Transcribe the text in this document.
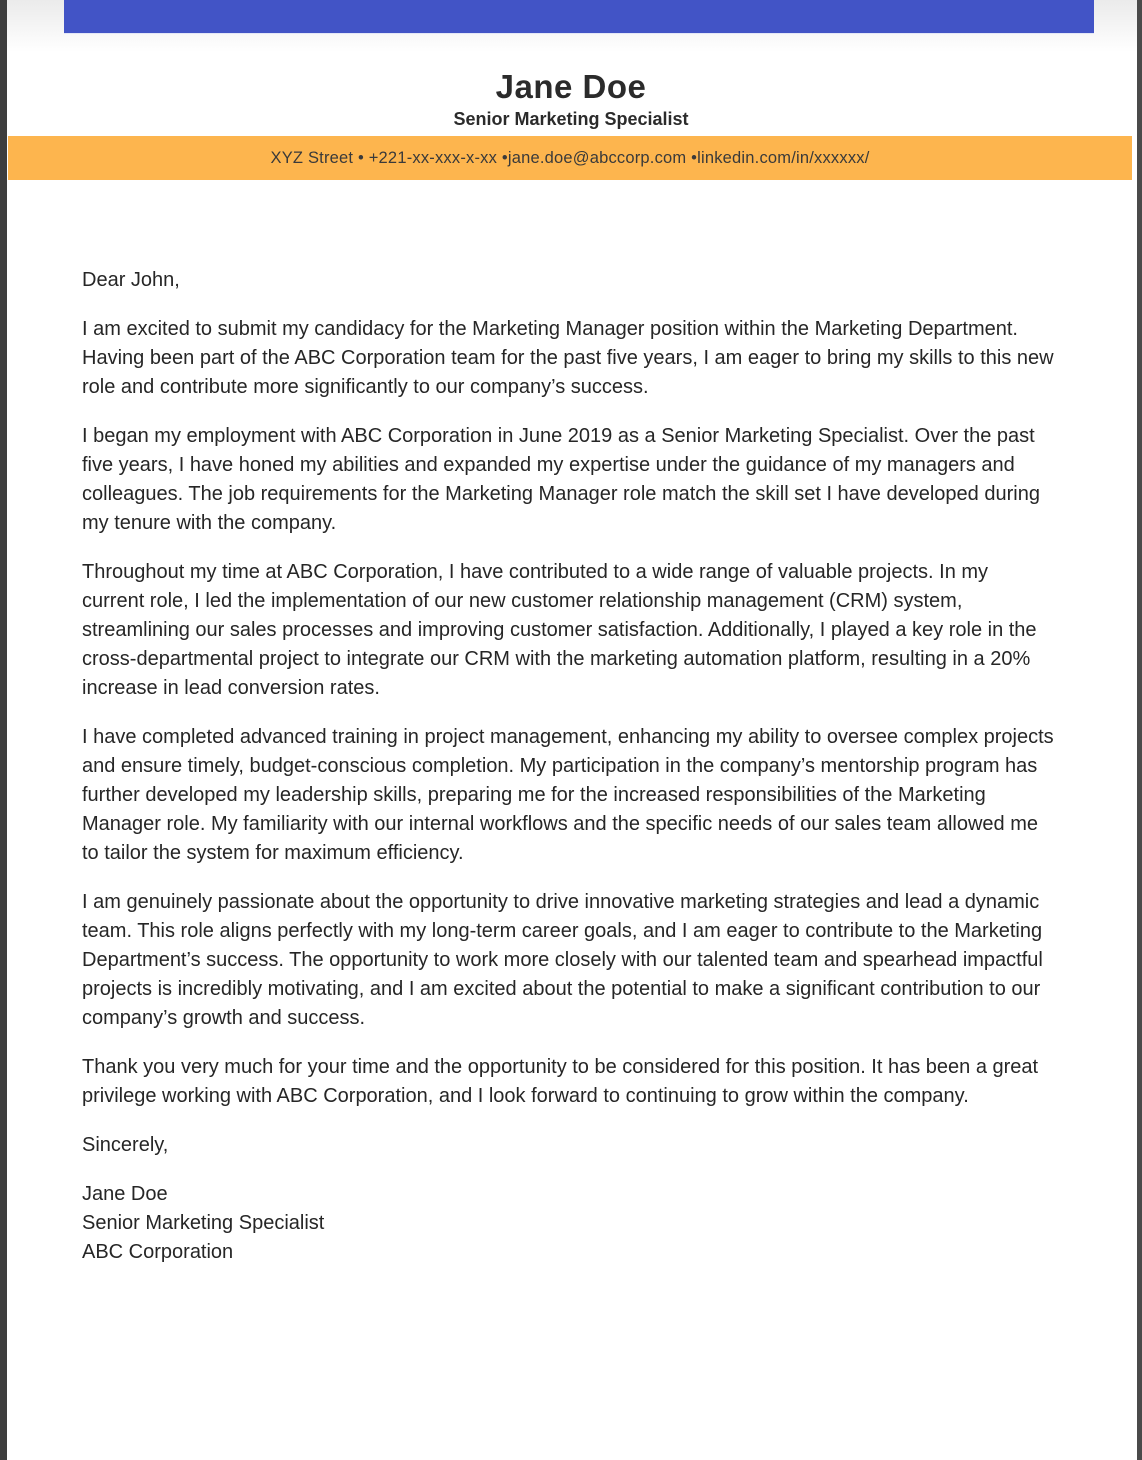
Jane Doe
Senior Marketing Specialist
XYZ Street • +221-xx-xxx-x-xx •jane.doe@abccorp.com •linkedin.com/in/xxxxxx/

Dear John,

I am excited to submit my candidacy for the Marketing Manager position within the Marketing Department. Having been part of the ABC Corporation team for the past five years, I am eager to bring my skills to this new role and contribute more significantly to our company’s success.

I began my employment with ABC Corporation in June 2019 as a Senior Marketing Specialist. Over the past five years, I have honed my abilities and expanded my expertise under the guidance of my managers and colleagues. The job requirements for the Marketing Manager role match the skill set I have developed during my tenure with the company.

Throughout my time at ABC Corporation, I have contributed to a wide range of valuable projects. In my current role, I led the implementation of our new customer relationship management (CRM) system, streamlining our sales processes and improving customer satisfaction. Additionally, I played a key role in the cross-departmental project to integrate our CRM with the marketing automation platform, resulting in a 20% increase in lead conversion rates.

I have completed advanced training in project management, enhancing my ability to oversee complex projects and ensure timely, budget-conscious completion. My participation in the company’s mentorship program has further developed my leadership skills, preparing me for the increased responsibilities of the Marketing Manager role. My familiarity with our internal workflows and the specific needs of our sales team allowed me to tailor the system for maximum efficiency.

I am genuinely passionate about the opportunity to drive innovative marketing strategies and lead a dynamic team. This role aligns perfectly with my long-term career goals, and I am eager to contribute to the Marketing Department’s success. The opportunity to work more closely with our talented team and spearhead impactful projects is incredibly motivating, and I am excited about the potential to make a significant contribution to our company’s growth and success.

Thank you very much for your time and the opportunity to be considered for this position. It has been a great privilege working with ABC Corporation, and I look forward to continuing to grow within the company.

Sincerely,

Jane Doe

Senior Marketing Specialist

ABC Corporation
